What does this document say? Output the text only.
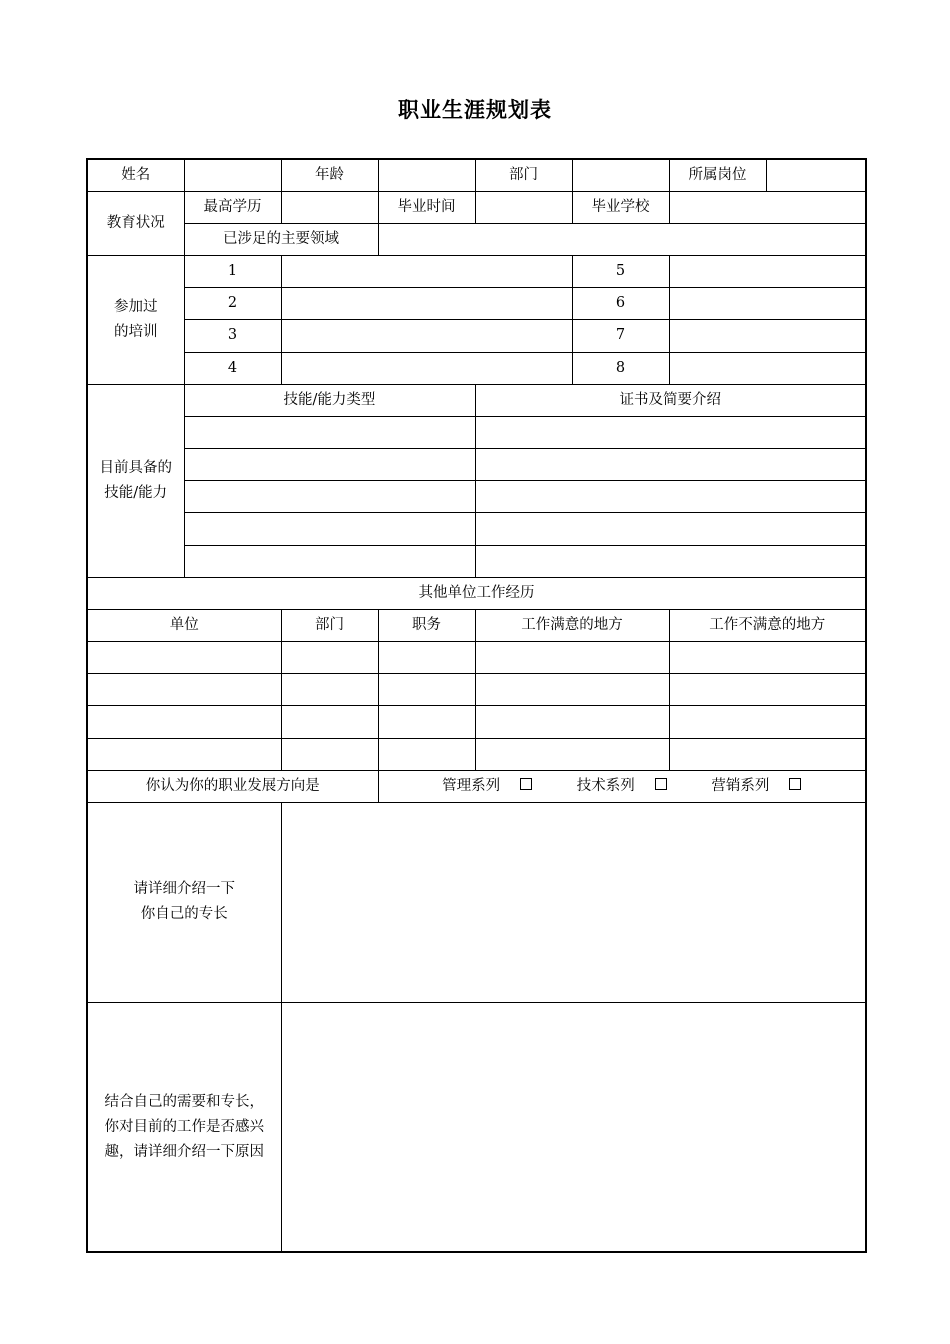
职业生涯规划表
姓名		年龄		部门		所属岗位	
教育状况	最高学历		毕业时间		毕业学校		
	已涉足的主要领域						

参加过
的培训	1				5		
	2				6		
	3				7		
	4				8		

目前具备的
技能/能力	技能/能力类型			证书及简要介绍			

其他单位工作经历							
单位		部门	职务	工作满意的地方		工作不满意的地方	

你认为你的职业发展方向是			管理系列 技术系列 营销系列				

请详细介绍一下
你自己的专长							

结合自己的需要和专长，
你对目前的工作是否感兴
趣，请详细介绍一下原因							
